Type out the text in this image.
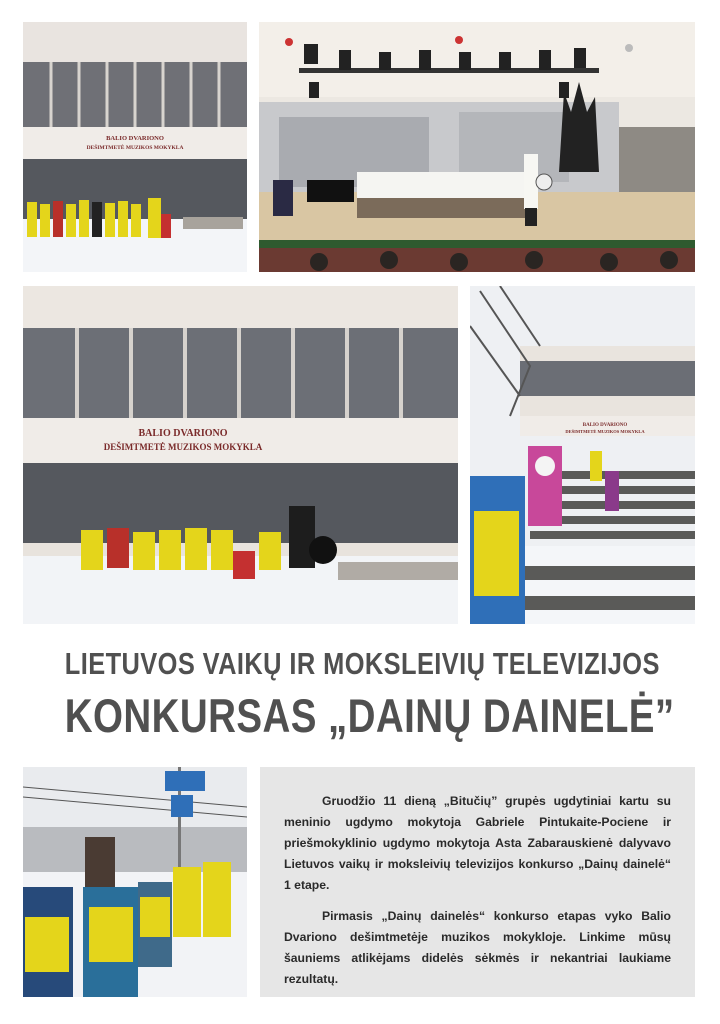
BALIO DVARIONO
DEŠIMTMETĖ MUZIKOS MOKYKLA
BALIO DVARIONO
DEŠIMTMETĖ MUZIKOS MOKYKLA
BALIO DVARIONO
DEŠIMTMETĖ MUZIKOS MOKYKLA
LIETUVOS VAIKŲ IR MOKSLEIVIŲ TELEVIZIJOS
KONKURSAS „DAINŲ DAINELĖ”

Gruodžio 11 dieną „Bitučių” grupės ugdytiniai kartu su meninio ugdymo mokytoja Gabriele Pintukaite-Pociene ir priešmokyklinio ugdymo mokytoja Asta Zabarauskienė dalyvavo Lietuvos vaikų ir moksleivių televizijos konkurso „Dainų dainelė“ 1 etape.

Pirmasis „Dainų dainelės“ konkurso etapas vyko Balio Dvariono dešimtmetėje muzikos mokykloje. Linkime mūsų šauniems atlikėjams didelės sėkmės ir nekantriai laukiame rezultatų.
